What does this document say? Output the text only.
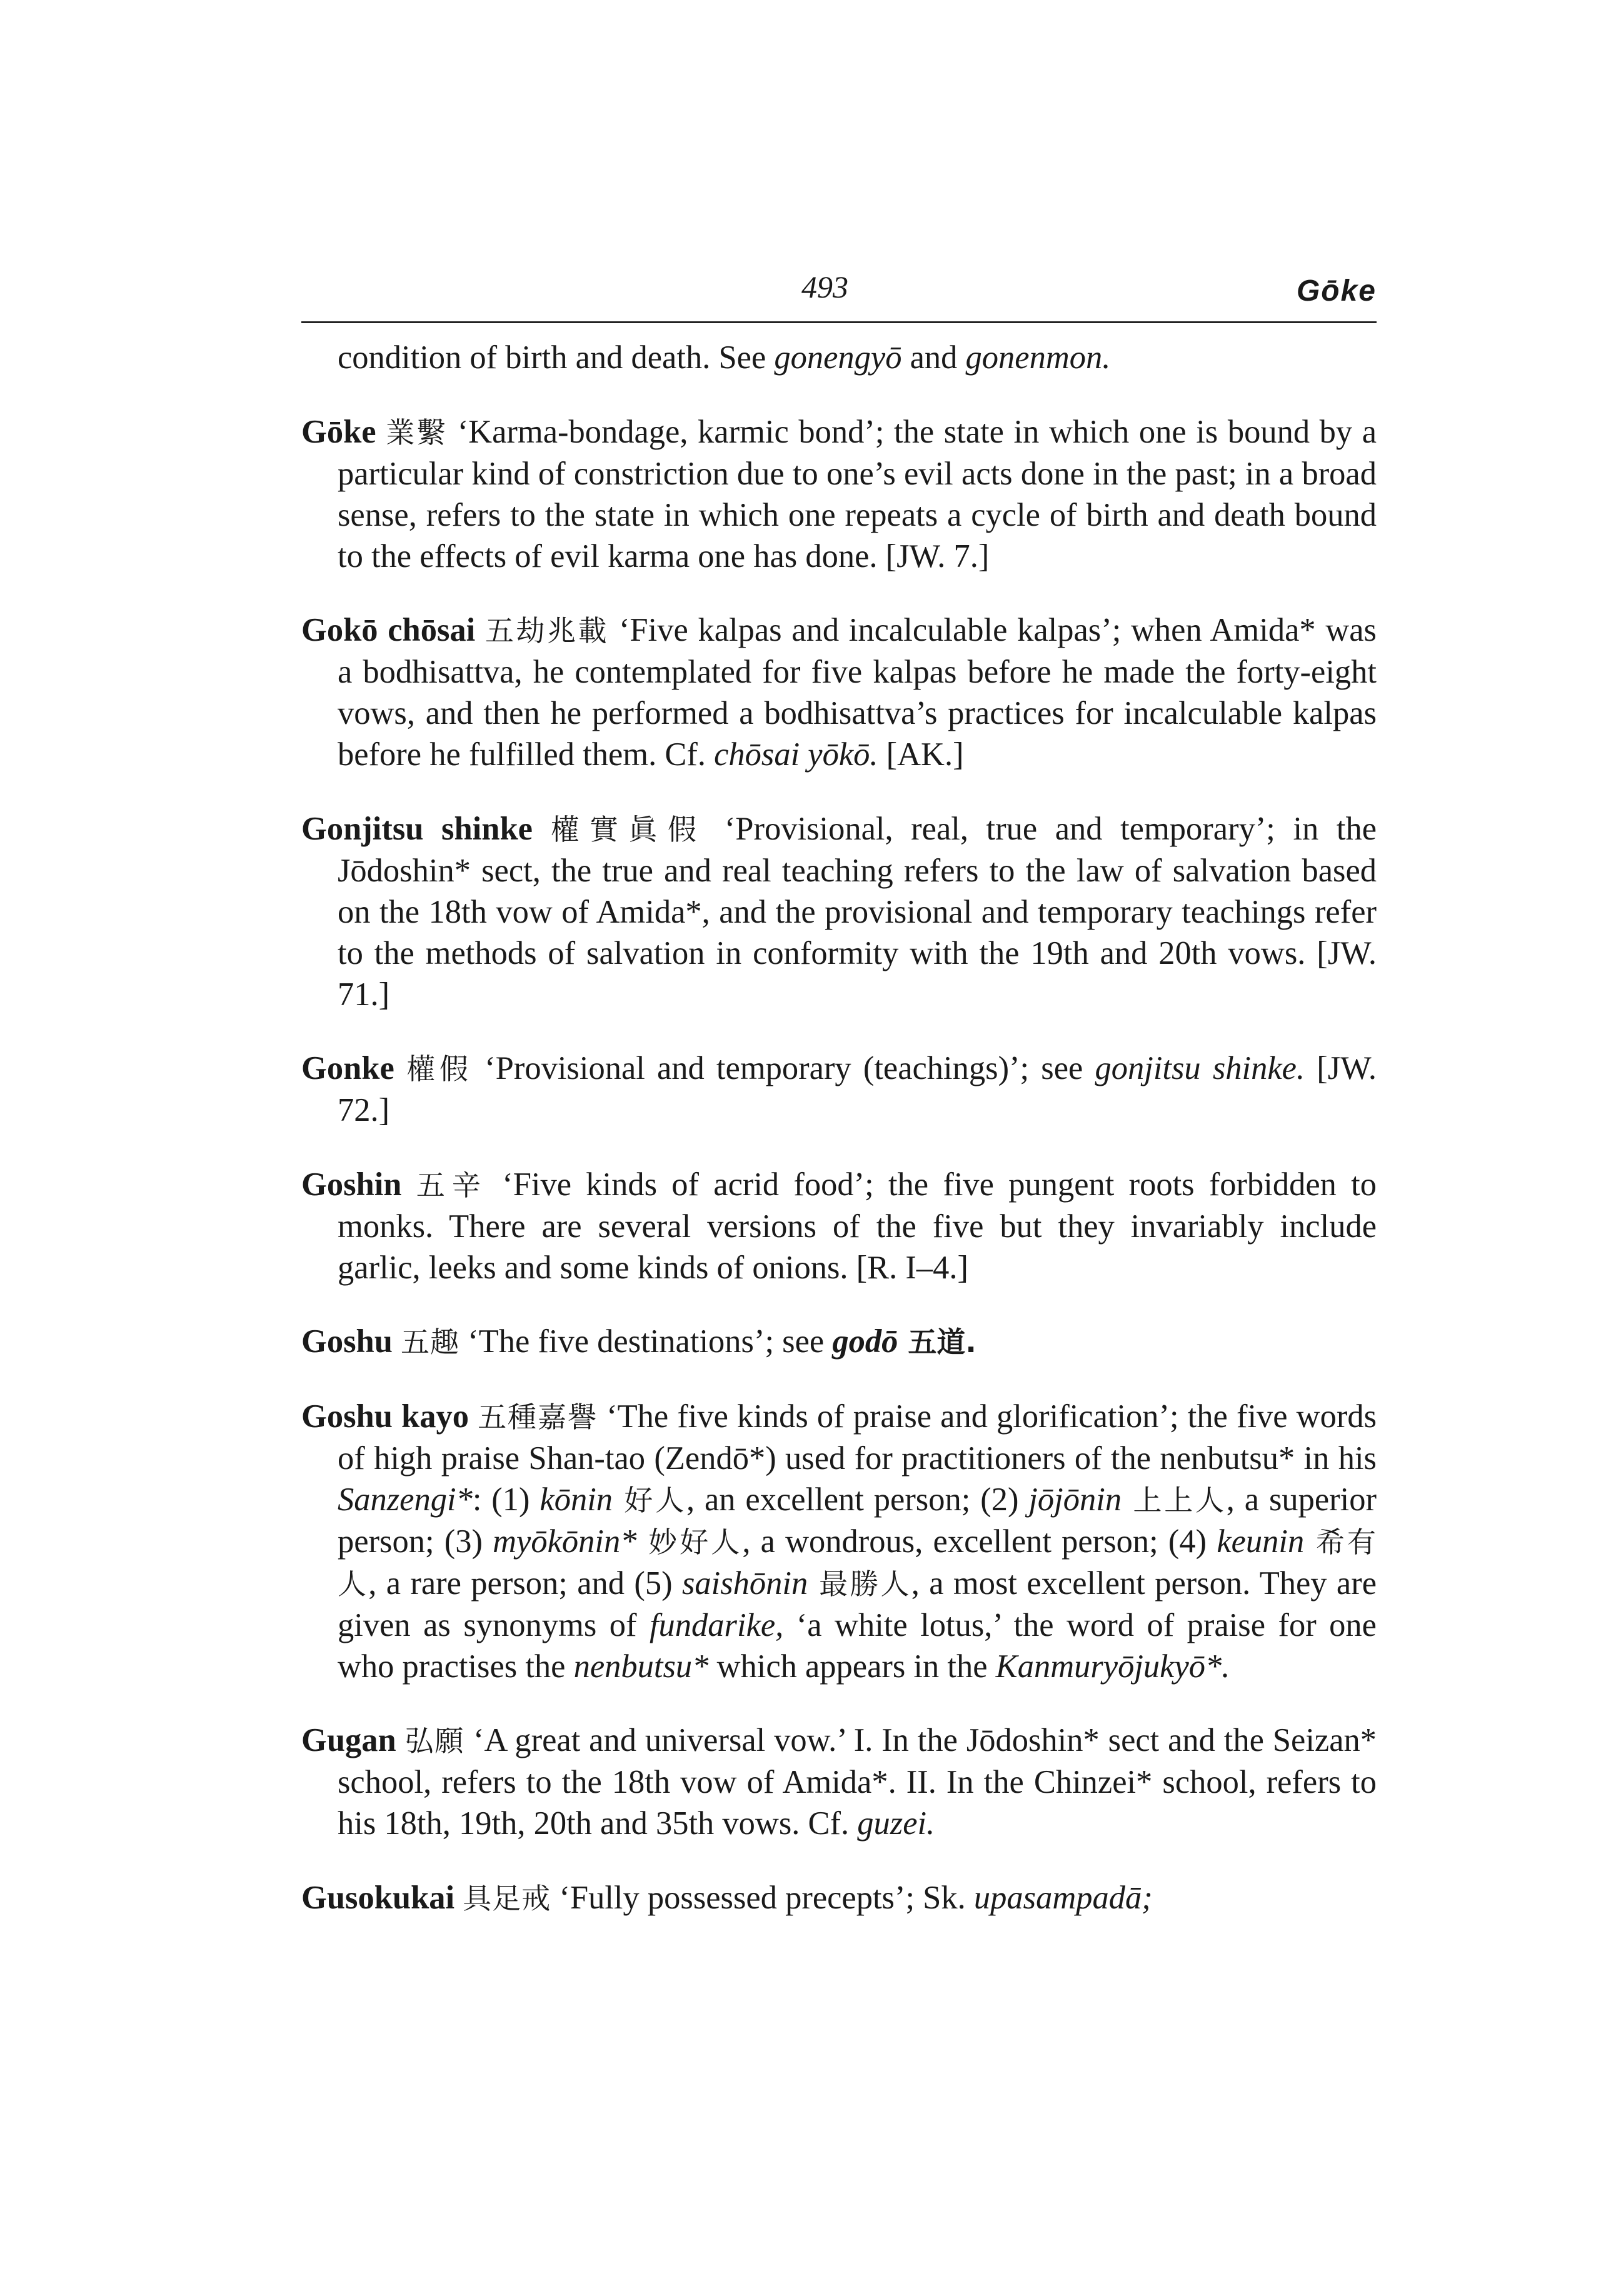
493	Gōke

condition of birth and death. See gonengyō and gonenmon.

Gōke 業繫 ‘Karma-bondage, karmic bond’; the state in which one is bound by a particular kind of constriction due to one’s evil acts done in the past; in a broad sense, refers to the state in which one repeats a cycle of birth and death bound to the effects of evil karma one has done. [JW. 7.]

Gokō chōsai 五劫兆載 ‘Five kalpas and incalculable kalpas’; when Amida* was a bodhisattva, he contemplated for five kalpas before he made the forty-eight vows, and then he performed a bodhisattva’s practices for incalculable kalpas before he fulfilled them. Cf. chōsai yōkō. [AK.]

Gonjitsu shinke 權實眞假 ‘Provisional, real, true and temporary’; in the Jōdoshin* sect, the true and real teaching refers to the law of salvation based on the 18th vow of Amida*, and the provisional and temporary teachings refer to the methods of salvation in conformity with the 19th and 20th vows. [JW. 71.]

Gonke 權假 ‘Provisional and temporary (teachings)’; see gonjitsu shinke. [JW. 72.]

Goshin 五辛 ‘Five kinds of acrid food’; the five pungent roots forbidden to monks. There are several versions of the five but they invariably include garlic, leeks and some kinds of onions. [R. I–4.]

Goshu 五趣 ‘The five destinations’; see godō 五道.

Goshu kayo 五種嘉譽 ‘The five kinds of praise and glorification’; the five words of high praise Shan-tao (Zendō*) used for practitioners of the nenbutsu* in his Sanzengi*: (1) kōnin 好人, an excellent person; (2) jōjōnin 上上人, a superior person; (3) myōkōnin* 妙好人, a wondrous, excellent person; (4) keunin 希有人, a rare person; and (5) saishōnin 最勝人, a most excellent person. They are given as synonyms of fundarike, ‘a white lotus,’ the word of praise for one who practises the nenbutsu* which appears in the Kanmuryōjukyō*.

Gugan 弘願 ‘A great and universal vow.’ I. In the Jōdoshin* sect and the Seizan* school, refers to the 18th vow of Amida*. II. In the Chinzei* school, refers to his 18th, 19th, 20th and 35th vows. Cf. guzei.

Gusokukai 具足戒 ‘Fully possessed precepts’; Sk. upasampadā;
